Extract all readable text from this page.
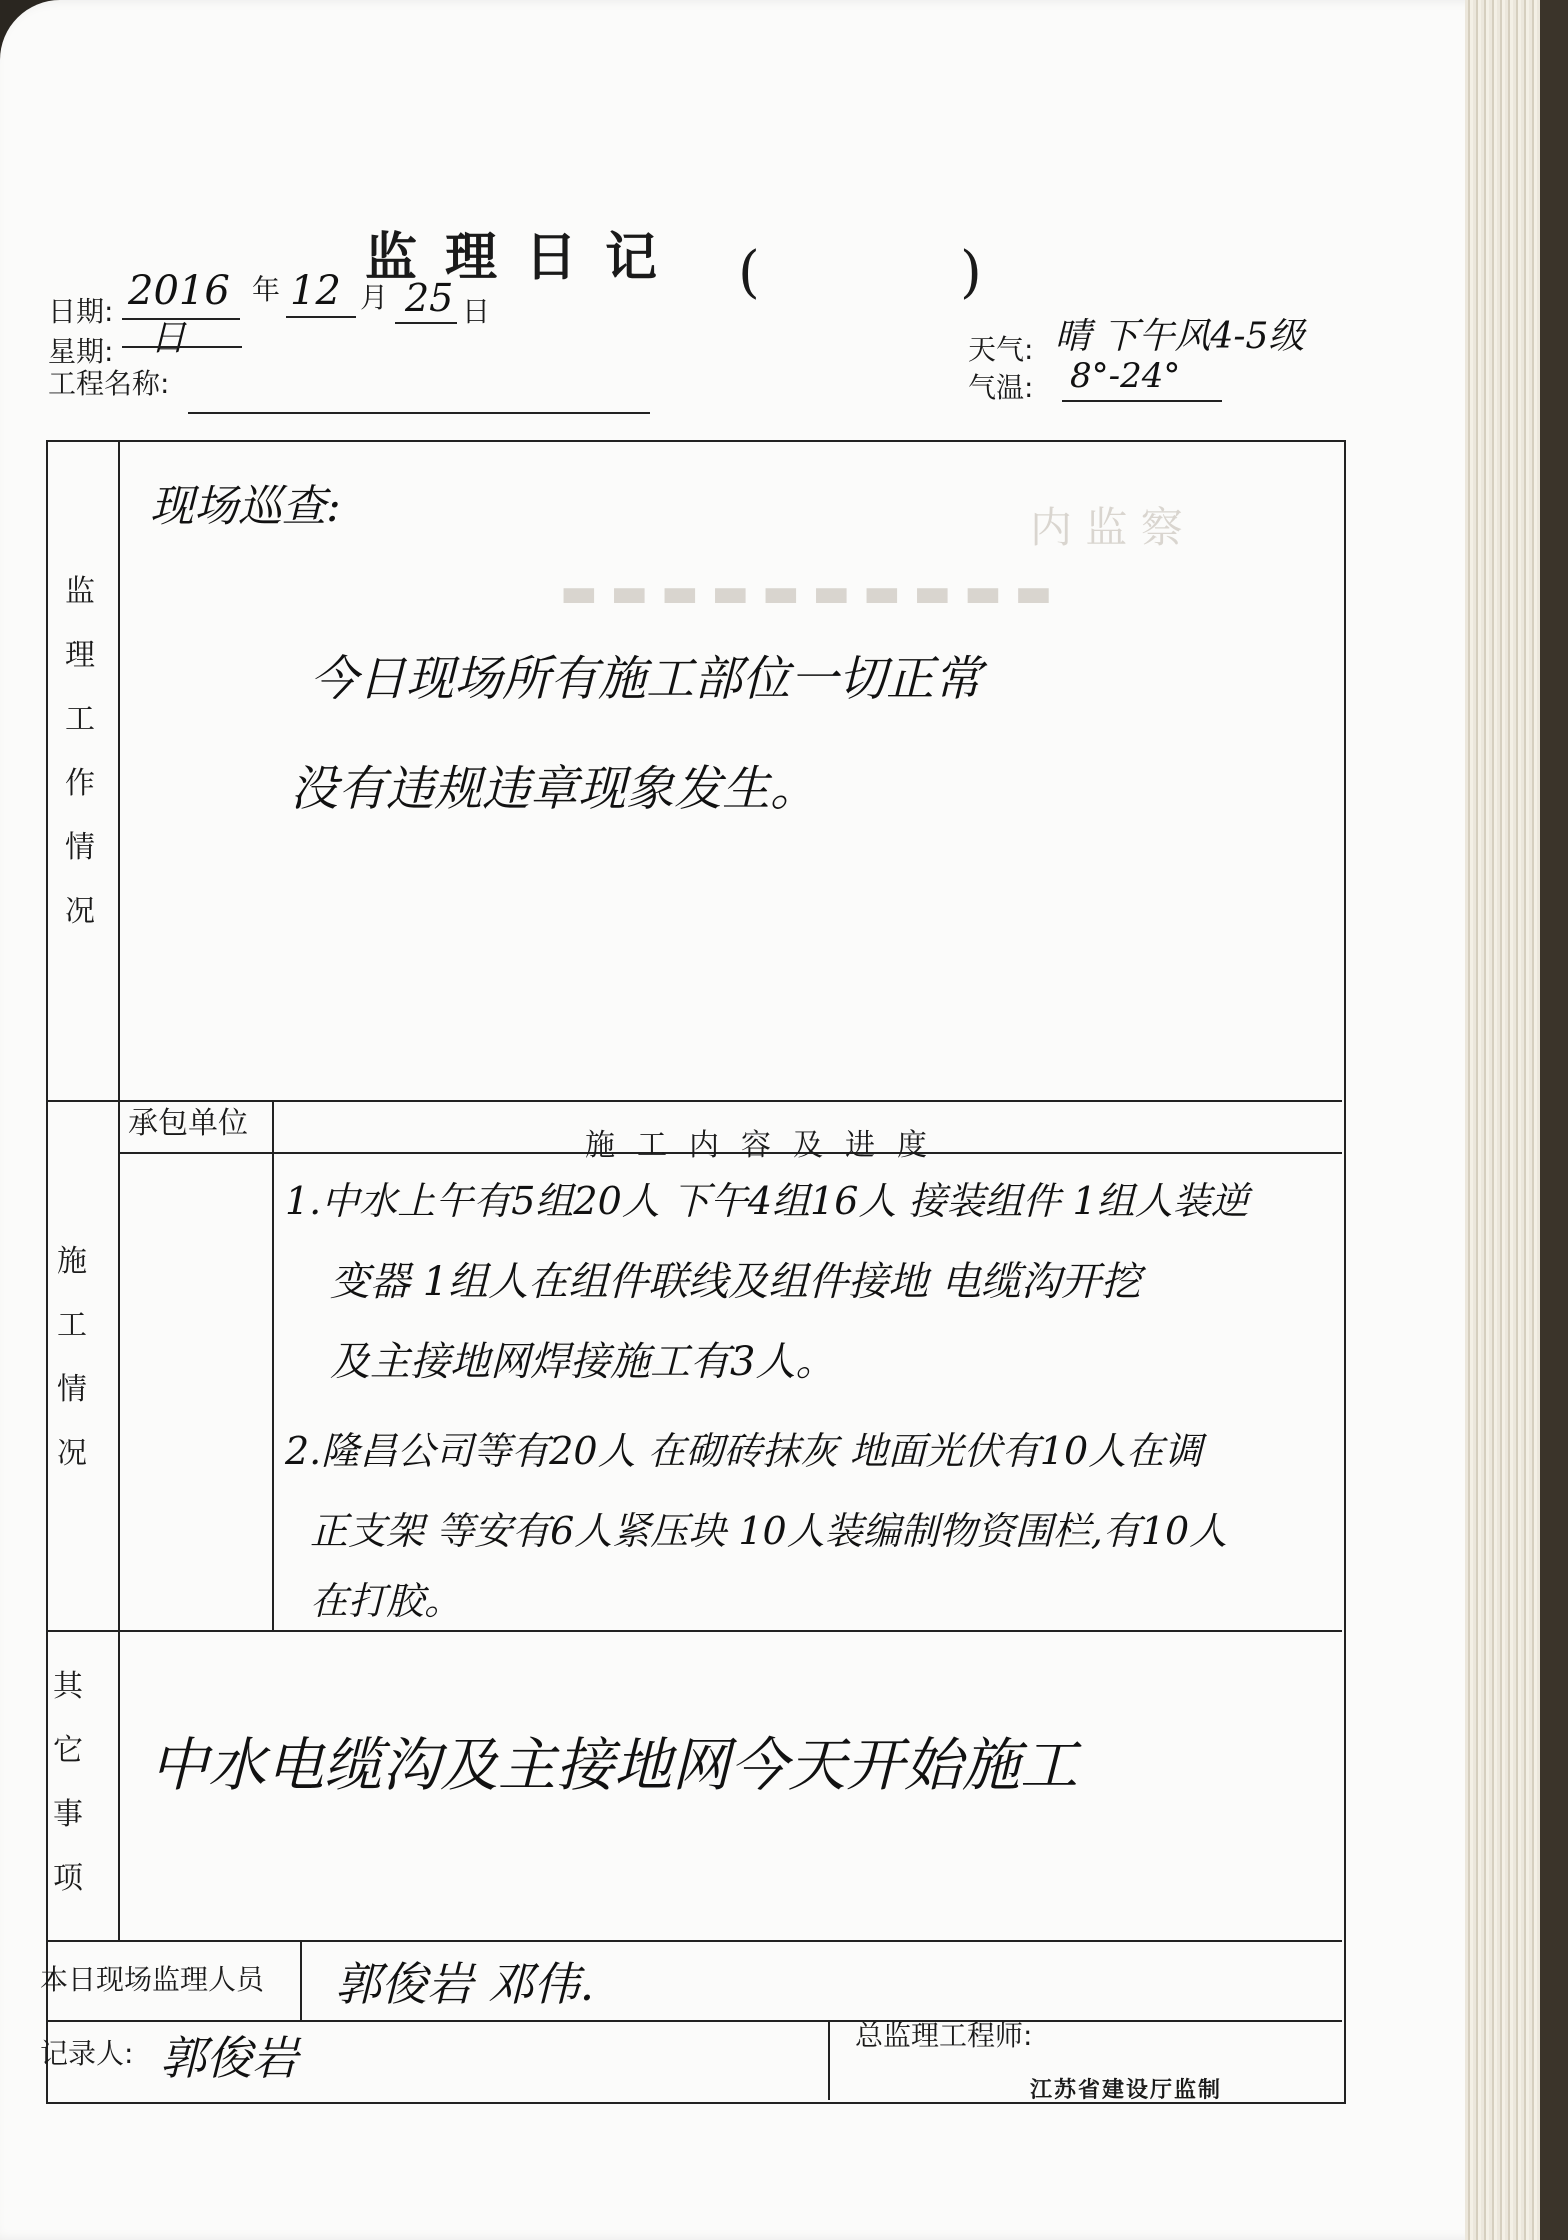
内 监 察
▬ ▬ ▬ ▬ ▬ ▬ ▬ ▬ ▬ ▬
监理日记 (	)
日期: 2016 年 12 月 25 日
星期: 日
工程名称:
天气: 晴 下午风4-5级
气温: 8°-24°
监
理
工
作
情
况
现场巡查:
今日现场所有施工部位一切正常
没有违规违章现象发生。
施
工
情
况
承包单位
施工内容及进度
1.中水上午有5组20人 下午4组16人 接装组件 1组人装逆
变器 1组人在组件联线及组件接地 电缆沟开挖
及主接地网焊接施工有3人。
2.隆昌公司等有20人 在砌砖抹灰 地面光伏有10人在调
正支架 等安有6人紧压块 10人装编制物资围栏,有10人
在打胶。
其
它
事
项
中水电缆沟及主接地网今天开始施工
本日现场监理人员 郭俊岩 邓伟.
记录人: 郭俊岩	总监理工程师:
江苏省建设厅监制
